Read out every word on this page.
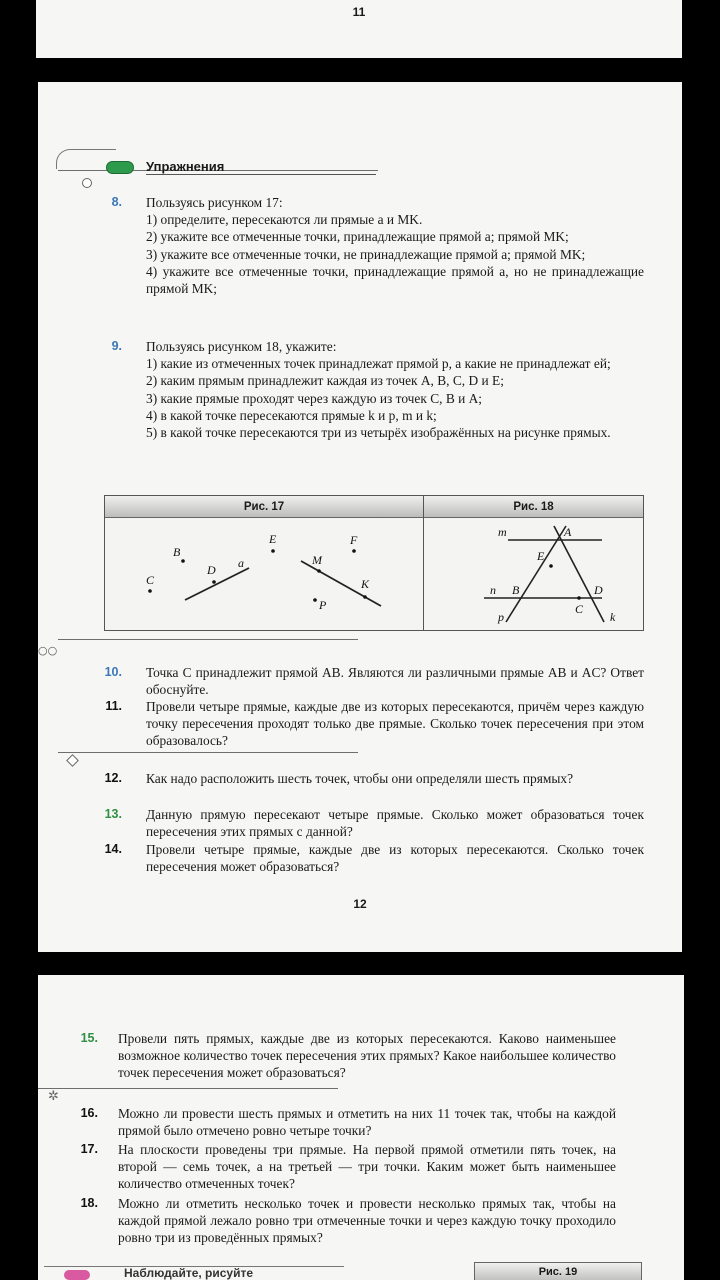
11
Упражнения
8. Пользуясь рисунком 17:

1) определите, пересекаются ли прямые a и MK.

2) укажите все отмеченные точки, принадлежащие прямой a; прямой MK;

3) укажите все отмеченные точки, не принадлежащие прямой a; прямой MK;

4) укажите все отмеченные точки, принадлежащие прямой a, но не принадлежащие прямой MK;

9. Пользуясь рисунком 18, укажите:

1) какие из отмеченных точек принадлежат прямой p, а какие не принадлежат ей;

2) каким прямым принадлежит каждая из точек A, B, C, D и E;

3) какие прямые проходят через каждую из точек C, B и A;

4) в какой точке пересекаются прямые k и p, m и k;

5) в какой точке пересекаются три из четырёх изображённых на рисунке прямых.

Рис. 17	Рис. 18
B
D a
E
M
F
K
C
P
m	A
E
n B	D
C
p	k
○○
10. Точка C принадлежит прямой AB. Являются ли различными прямые AB и AC? Ответ обоснуйте.
11. Провели четыре прямые, каждые две из которых пересекаются, причём через каждую точку пересечения проходят только две прямые. Сколько точек пересечения при этом образовалось?
12. Как надо расположить шесть точек, чтобы они определяли шесть прямых?
13. Данную прямую пересекают четыре прямые. Сколько может образоваться точек пересечения этих прямых с данной?
14. Провели четыре прямые, каждые две из которых пересекаются. Сколько точек пересечения может образоваться?
12
15. Провели пять прямых, каждые две из которых пересекаются. Каково наименьшее возможное количество точек пересечения этих прямых? Какое наибольшее количество точек пересечения может образоваться?
✲
16. Можно ли провести шесть прямых и отметить на них 11 точек так, чтобы на каждой прямой было отмечено ровно четыре точки?
17. На плоскости проведены три прямые. На первой прямой отметили пять точек, на второй — семь точек, а на третьей — три точки. Каким может быть наименьшее количество отмеченных точек?
18. Можно ли отметить несколько точек и провести несколько прямых так, чтобы на каждой прямой лежало ровно три отмеченные точки и через каждую точку проходило ровно три из проведённых прямых?
Наблюдайте, рисуйте	Рис. 19
